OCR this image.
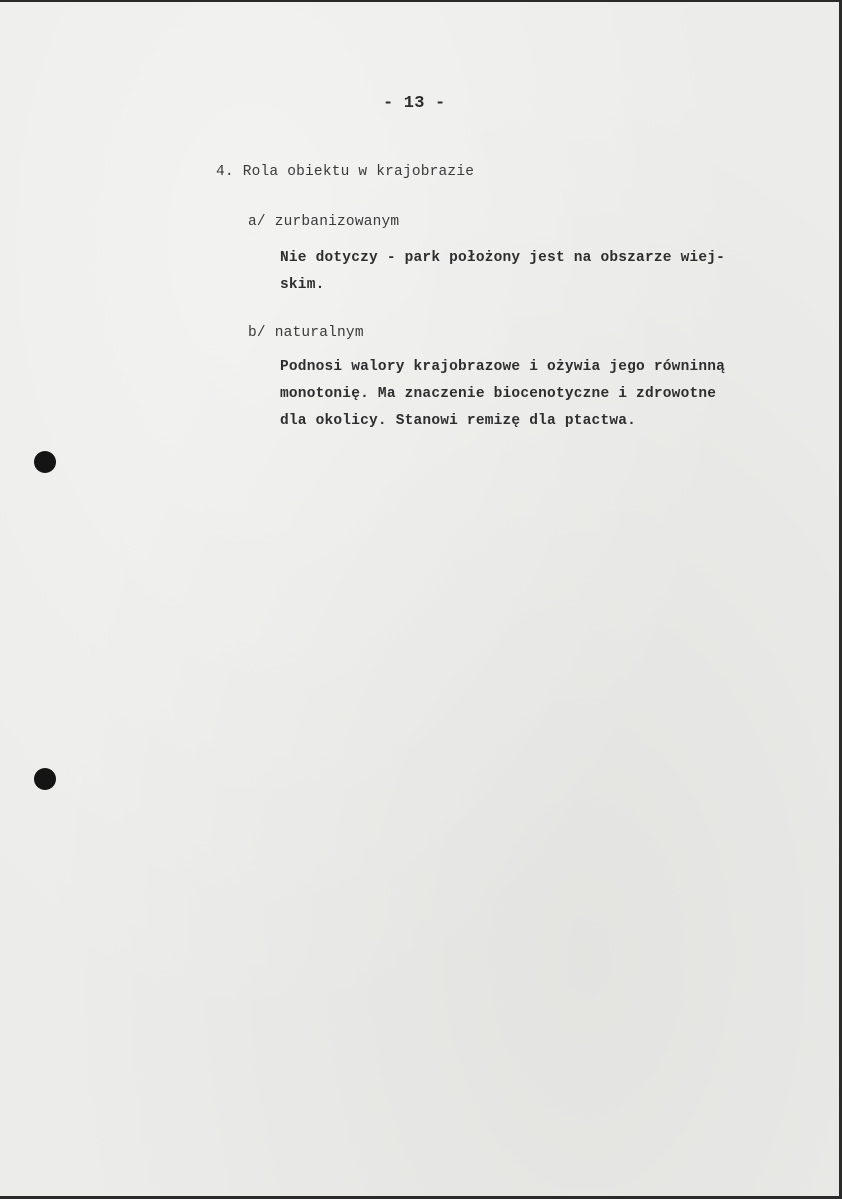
- 13 -
4. Rola obiektu w krajobrazie
a/ zurbanizowanym
Nie dotyczy - park położony jest na obszarze wiej-
skim.
b/ naturalnym
Podnosi walory krajobrazowe i ożywia jego równinną
monotonię. Ma znaczenie biocenotyczne i zdrowotne
dla okolicy. Stanowi remizę dla ptactwa.
